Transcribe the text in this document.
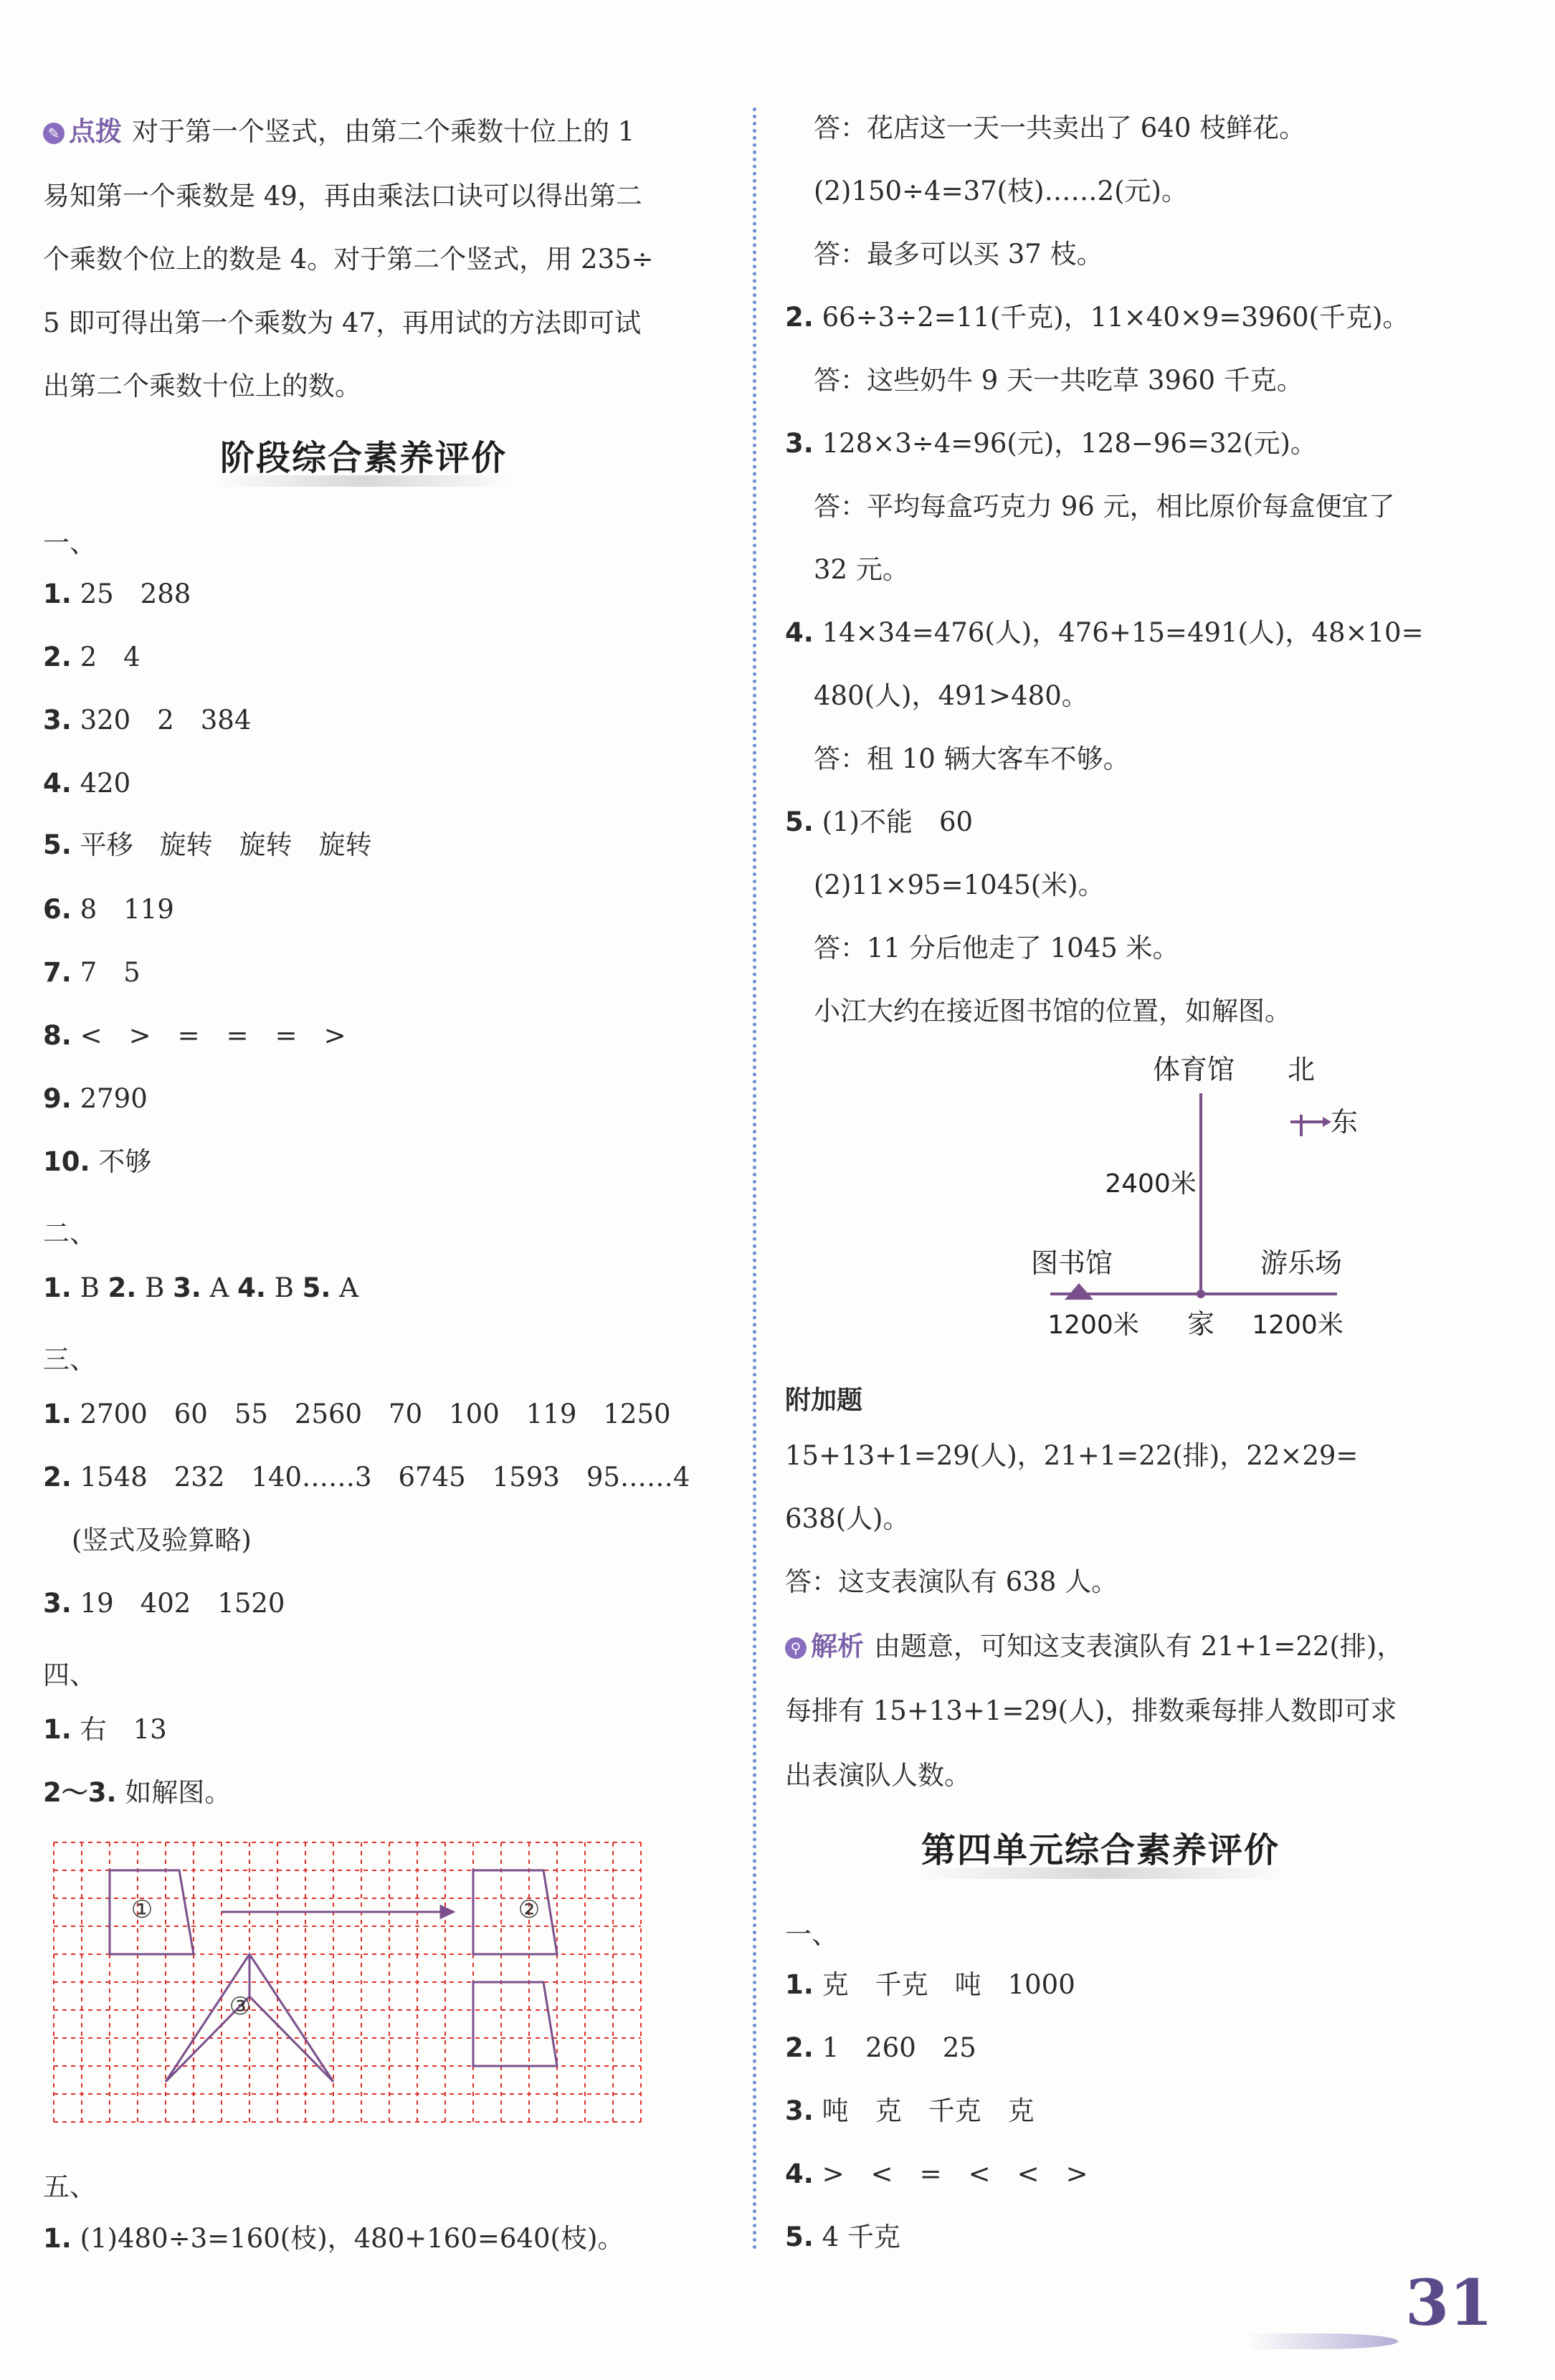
✎ 点拨 对于第一个竖式，由第二个乘数十位上的 1
易知第一个乘数是 49，再由乘法口诀可以得出第二
个乘数个位上的数是 4。对于第二个竖式，用 235÷
5 即可得出第一个乘数为 47，再用试的方法即可试
出第二个乘数十位上的数。
阶段综合素养评价
一、
1. 25　288
2. 2　4
3. 320　2　384
4. 420
5. 平移　旋转　旋转　旋转
6. 8　119
7. 7　5
8. <　>　=　=　=　>
9. 2790
10. 不够
二、
1. B 2. B 3. A 4. B 5. A
三、
1. 2700　60　55　2560　70　100　119　1250
2. 1548　232　140……3　6745　1593　95……4
(竖式及验算略)
3. 19　402　1520
四、
1. 右　13
2～3. 如解图。
①	②
③
五、
1. (1)480÷3=160(枝)，480+160=640(枝)。
答：花店这一天一共卖出了 640 枝鲜花。
(2)150÷4=37(枝)……2(元)。
答：最多可以买 37 枝。
2. 66÷3÷2=11(千克)，11×40×9=3960(千克)。
答：这些奶牛 9 天一共吃草 3960 千克。
3. 128×3÷4=96(元)，128−96=32(元)。
答：平均每盒巧克力 96 元，相比原价每盒便宜了
32 元。
4. 14×34=476(人)，476+15=491(人)，48×10=
480(人)，491>480。
答：租 10 辆大客车不够。
5. (1)不能　60
(2)11×95=1045(米)。
答：11 分后他走了 1045 米。
小江大约在接近图书馆的位置，如解图。
体育馆 北
东
2400米
图书馆	游乐场
1200米 家 1200米
附加题
15+13+1=29(人)，21+1=22(排)，22×29=
638(人)。
答：这支表演队有 638 人。
⚲ 解析 由题意，可知这支表演队有 21+1=22(排)，
每排有 15+13+1=29(人)，排数乘每排人数即可求
出表演队人数。
第四单元综合素养评价
一、
1. 克　千克　吨　1000
2. 1　260　25
3. 吨　克　千克　克
4. >　<　=　<　<　>
5. 4 千克
31
